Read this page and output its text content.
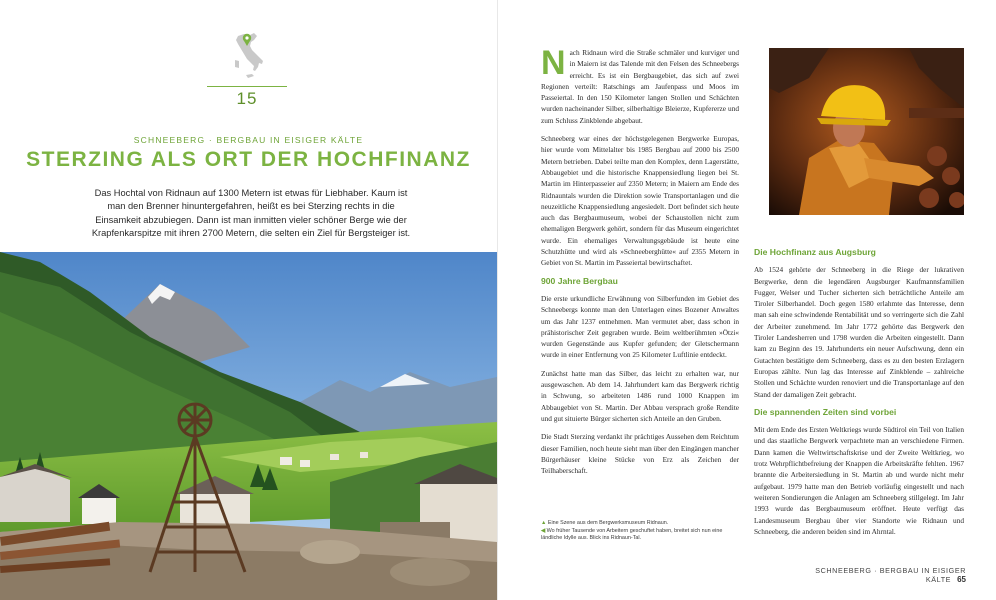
15
SCHNEEBERG · BERGBAU IN EISIGER KÄLTE
STERZING ALS ORT DER HOCHFINANZ

Das Hochtal von Ridnaun auf 1300 Metern ist etwas für Liebhaber. Kaum ist man den Brenner hinuntergefahren, heißt es bei Sterzing rechts in die Einsamkeit abzubiegen. Dann ist man inmitten vieler schöner Berge wie der Krapfenkarspitze mit ihren 2700 Metern, die selten ein Ziel für Bergsteiger ist.

Nach Ridnaun wird die Straße schmäler und kurviger und in Maiern ist das Talende mit den Felsen des Schneebergs erreicht. Es ist ein Bergbaugebiet, das sich auf zwei Regionen verteilt: Ratschings am Jaufenpass und Moos im Passeiertal. In den 150 Kilometer langen Stollen und Schächten wurden nacheinander Silber, silberhaltige Bleierze, Kupfererze und zum Schluss Zinkblende abgebaut.

Schneeberg war eines der höchstgelegenen Bergwerke Europas, hier wurde vom Mittelalter bis 1985 Bergbau auf 2000 bis 2500 Metern betrieben. Dabei teilte man den Komplex, denn Lagerstätte, Abbaugebiet und die historische Knappensiedlung liegen bei St. Martin im Hinterpasseier auf 2350 Metern; in Maiern am Ende des Ridnauntals wurden die Direktion sowie Transportanlagen und die neuzeitliche Knappensiedlung angesiedelt. Dort befindet sich heute auch das Bergbaumuseum, wobei der Schaustollen nicht zum ehemaligen Bergwerk gehört, sondern für das Museum eingerichtet wurde. Ein ehemaliges Verwaltungsgebäude ist heute eine Schutzhütte und wird als »Schneeberghütte« auf 2355 Metern in Gebiet von St. Martin im Passeiertal bewirtschaftet.

900 Jahre Bergbau

Die erste urkundliche Erwähnung von Silberfunden im Gebiet des Schneebergs konnte man den Unterlagen eines Bozener Anwaltes um das Jahr 1237 entnehmen. Man vermutet aber, dass schon in prähistorischer Zeit gegraben wurde. Beim weltberühmten »Ötzi« wurden Gegenstände aus Kupfer gefunden; der Gletschermann wurde in einer Entfernung von 25 Kilometer Luftlinie entdeckt.

Zunächst hatte man das Silber, das leicht zu erhalten war, nur ausgewaschen. Ab dem 14. Jahrhundert kam das Bergwerk richtig in Schwung, so arbeiteten 1486 rund 1000 Knappen im Abbaugebiet von St. Martin. Der Abbau versprach große Rendite und gut situierte Bürger sicherten sich Anteile an den Gruben.

Die Stadt Sterzing verdankt ihr prächtiges Aussehen dem Reichtum dieser Familien, noch heute sieht man über den Eingängen mancher Bürgerhäuser kleine Stücke von Erz als Zeichen der Teilhaberschaft.

▲ Eine Szene aus dem Bergwerksmuseum Ridnaun.
◀ Wo früher Tausende von Arbeitern geschuftet haben, breitet sich nun eine ländliche Idylle aus. Blick ins Ridnaun-Tal.
Die Hochfinanz aus Augsburg

Ab 1524 gehörte der Schneeberg in die Riege der lukrativen Bergwerke, denn die legendären Augsburger Kaufmannsfamilien Fugger, Welser und Tucher sicherten sich beträchtliche Anteile am Tiroler Silberhandel. Doch gegen 1580 erlahmte das Interesse, denn man sah eine schwindende Rentabilität und so verringerte sich die Zahl der Arbeiter zunehmend. Im Jahr 1772 gehörte das Bergwerk den Tiroler Landesherren und 1798 wurden die Arbeiten eingestellt. Dann kam zu Beginn des 19. Jahrhunderts ein neuer Aufschwung, denn ein Gutachten bestätigte dem Schneeberg, dass es zu den besten Erzlagern Europas zählte. Nun lag das Interesse auf Zinkblende – zahlreiche Stollen und Schächte wurden renoviert und die Transportanlage auf den Stand der damaligen Zeit gebracht.

Die spannenden Zeiten sind vorbei

Mit dem Ende des Ersten Weltkriegs wurde Südtirol ein Teil von Italien und das staatliche Bergwerk verpachtete man an verschiedene Firmen. Dann kamen die Weltwirtschaftskrise und der Zweite Weltkrieg, wo trotz Wehrpflichtbefreiung der Knappen die Arbeitskräfte fehlten. 1967 brannte die Arbeitersiedlung in St. Martin ab und wurde nicht mehr aufgebaut. 1979 hatte man den Betrieb vorläufig eingestellt und nach weiteren Sondierungen die Anlagen am Schneeberg stillgelegt. Im Jahr 1993 wurde das Bergbaumuseum eröffnet. Heute verfügt das Landesmuseum Bergbau über vier Standorte wie Ridnaun und Schneeberg, die anderen beiden sind im Ahrntal.

SCHNEEBERG · BERGBAU IN EISIGER KÄLTE 65
